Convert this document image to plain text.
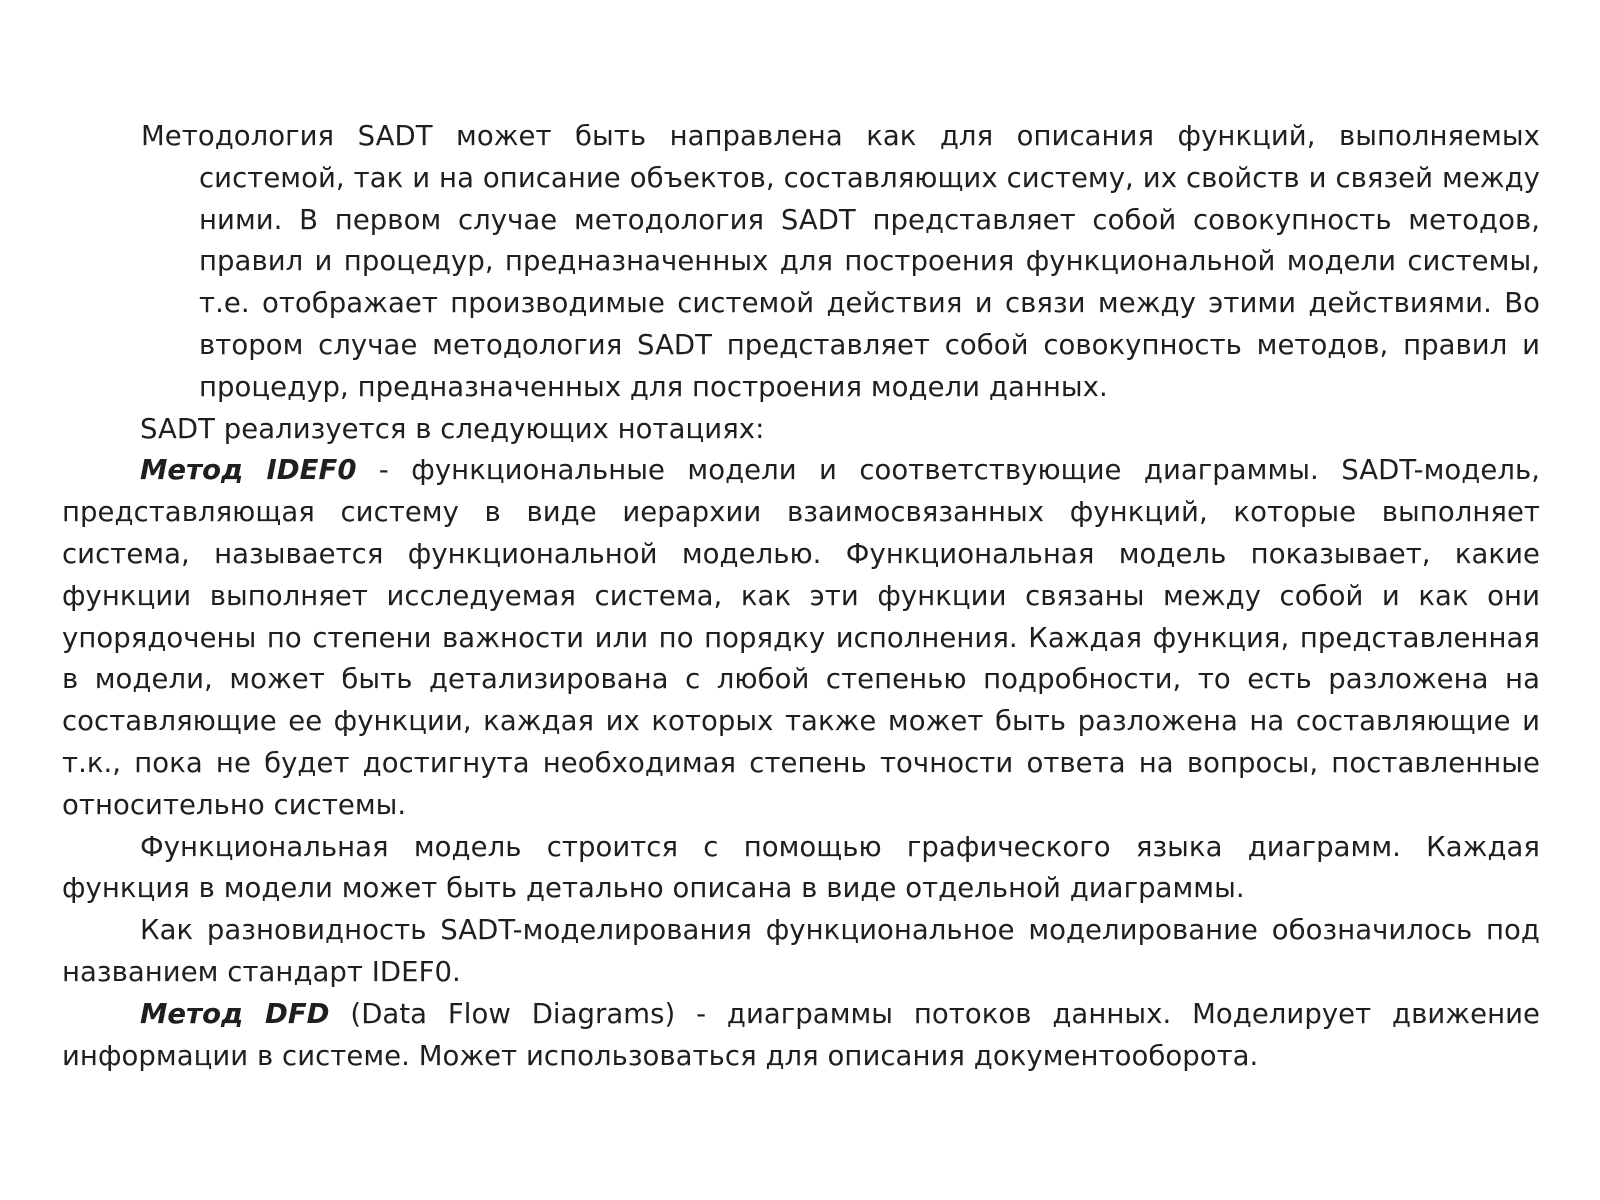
Методология SADT может быть направлена как для описания функций, выполняемых системой, так и на описание объектов, составляющих систему, их свойств и связей между ними. В первом случае методология SADT представляет собой совокупность методов, правил и процедур, предназначенных для построения функциональной модели системы, т.е. отображает производимые системой действия и связи между этими действиями. Во втором случае методология SADT представляет собой совокупность методов, правил и процедур, предназначенных для построения модели данных.

SADT реализуется в следующих нотациях:

Метод IDEF0 - функциональные модели и соответствующие диаграммы. SADT-модель, представляющая систему в виде иерархии взаимосвязанных функций, которые выполняет система, называется функциональной моделью. Функциональная модель показывает, какие функции выполняет исследуемая система, как эти функции связаны между собой и как они упорядочены по степени важности или по порядку исполнения. Каждая функция, представленная в модели, может быть детализирована с любой степенью подробности, то есть разложена на составляющие ее функции, каждая их которых также может быть разложена на составляющие и т.к., пока не будет достигнута необходимая степень точности ответа на вопросы, поставленные относительно системы.

Функциональная модель строится с помощью графического языка диаграмм. Каждая функция в модели может быть детально описана в виде отдельной диаграммы.

Как разновидность SADT-моделирования функциональное моделирование обозначилось под названием стандарт IDEF0.

Метод DFD (Data Flow Diagrams) - диаграммы потоков данных. Моделирует движение информации в системе. Может использоваться для описания документооборота.
